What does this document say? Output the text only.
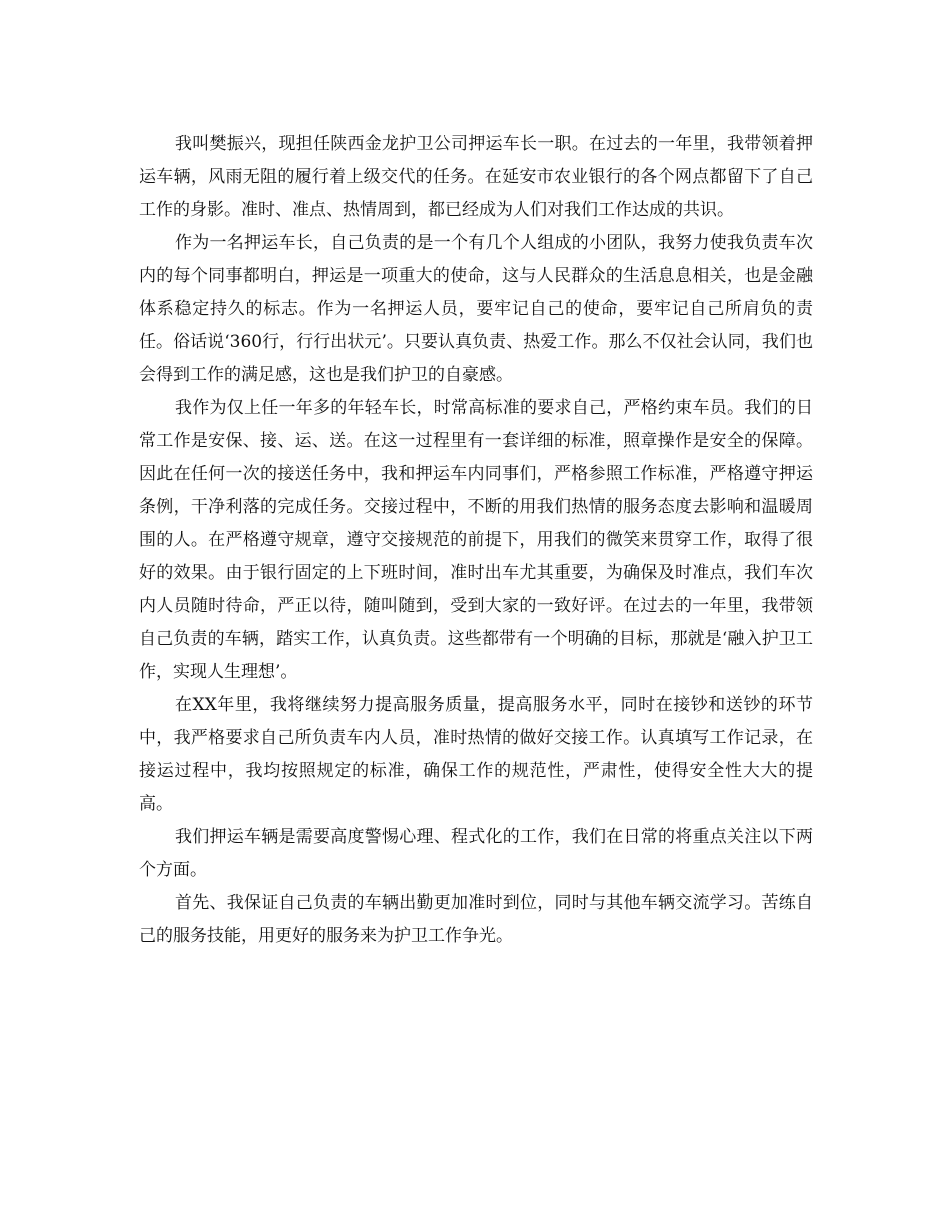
我叫樊振兴，现担任陕西金龙护卫公司押运车长一职。在过去的一年里，我带领着押运车辆，风雨无阻的履行着上级交代的任务。在延安市农业银行的各个网点都留下了自己工作的身影。准时、准点、热情周到，都已经成为人们对我们工作达成的共识。

作为一名押运车长，自己负责的是一个有几个人组成的小团队，我努力使我负责车次内的每个同事都明白，押运是一项重大的使命，这与人民群众的生活息息相关，也是金融体系稳定持久的标志。作为一名押运人员，要牢记自己的使命，要牢记自己所肩负的责任。俗话说‘360行，行行出状元’。只要认真负责、热爱工作。那么不仅社会认同，我们也会得到工作的满足感，这也是我们护卫的自豪感。

我作为仅上任一年多的年轻车长，时常高标准的要求自己，严格约束车员。我们的日常工作是安保、接、运、送。在这一过程里有一套详细的标准，照章操作是安全的保障。因此在任何一次的接送任务中，我和押运车内同事们，严格参照工作标准，严格遵守押运条例，干净利落的完成任务。交接过程中，不断的用我们热情的服务态度去影响和温暖周围的人。在严格遵守规章，遵守交接规范的前提下，用我们的微笑来贯穿工作，取得了很好的效果。由于银行固定的上下班时间，准时出车尤其重要，为确保及时准点，我们车次内人员随时待命，严正以待，随叫随到，受到大家的一致好评。在过去的一年里，我带领自己负责的车辆，踏实工作，认真负责。这些都带有一个明确的目标，那就是‘融入护卫工作，实现人生理想’。

在XX年里，我将继续努力提高服务质量，提高服务水平，同时在接钞和送钞的环节中，我严格要求自己所负责车内人员，准时热情的做好交接工作。认真填写工作记录，在接运过程中，我均按照规定的标准，确保工作的规范性，严肃性，使得安全性大大的提高。

我们押运车辆是需要高度警惕心理、程式化的工作，我们在日常的将重点关注以下两个方面。

首先、我保证自己负责的车辆出勤更加准时到位，同时与其他车辆交流学习。苦练自己的服务技能，用更好的服务来为护卫工作争光。
